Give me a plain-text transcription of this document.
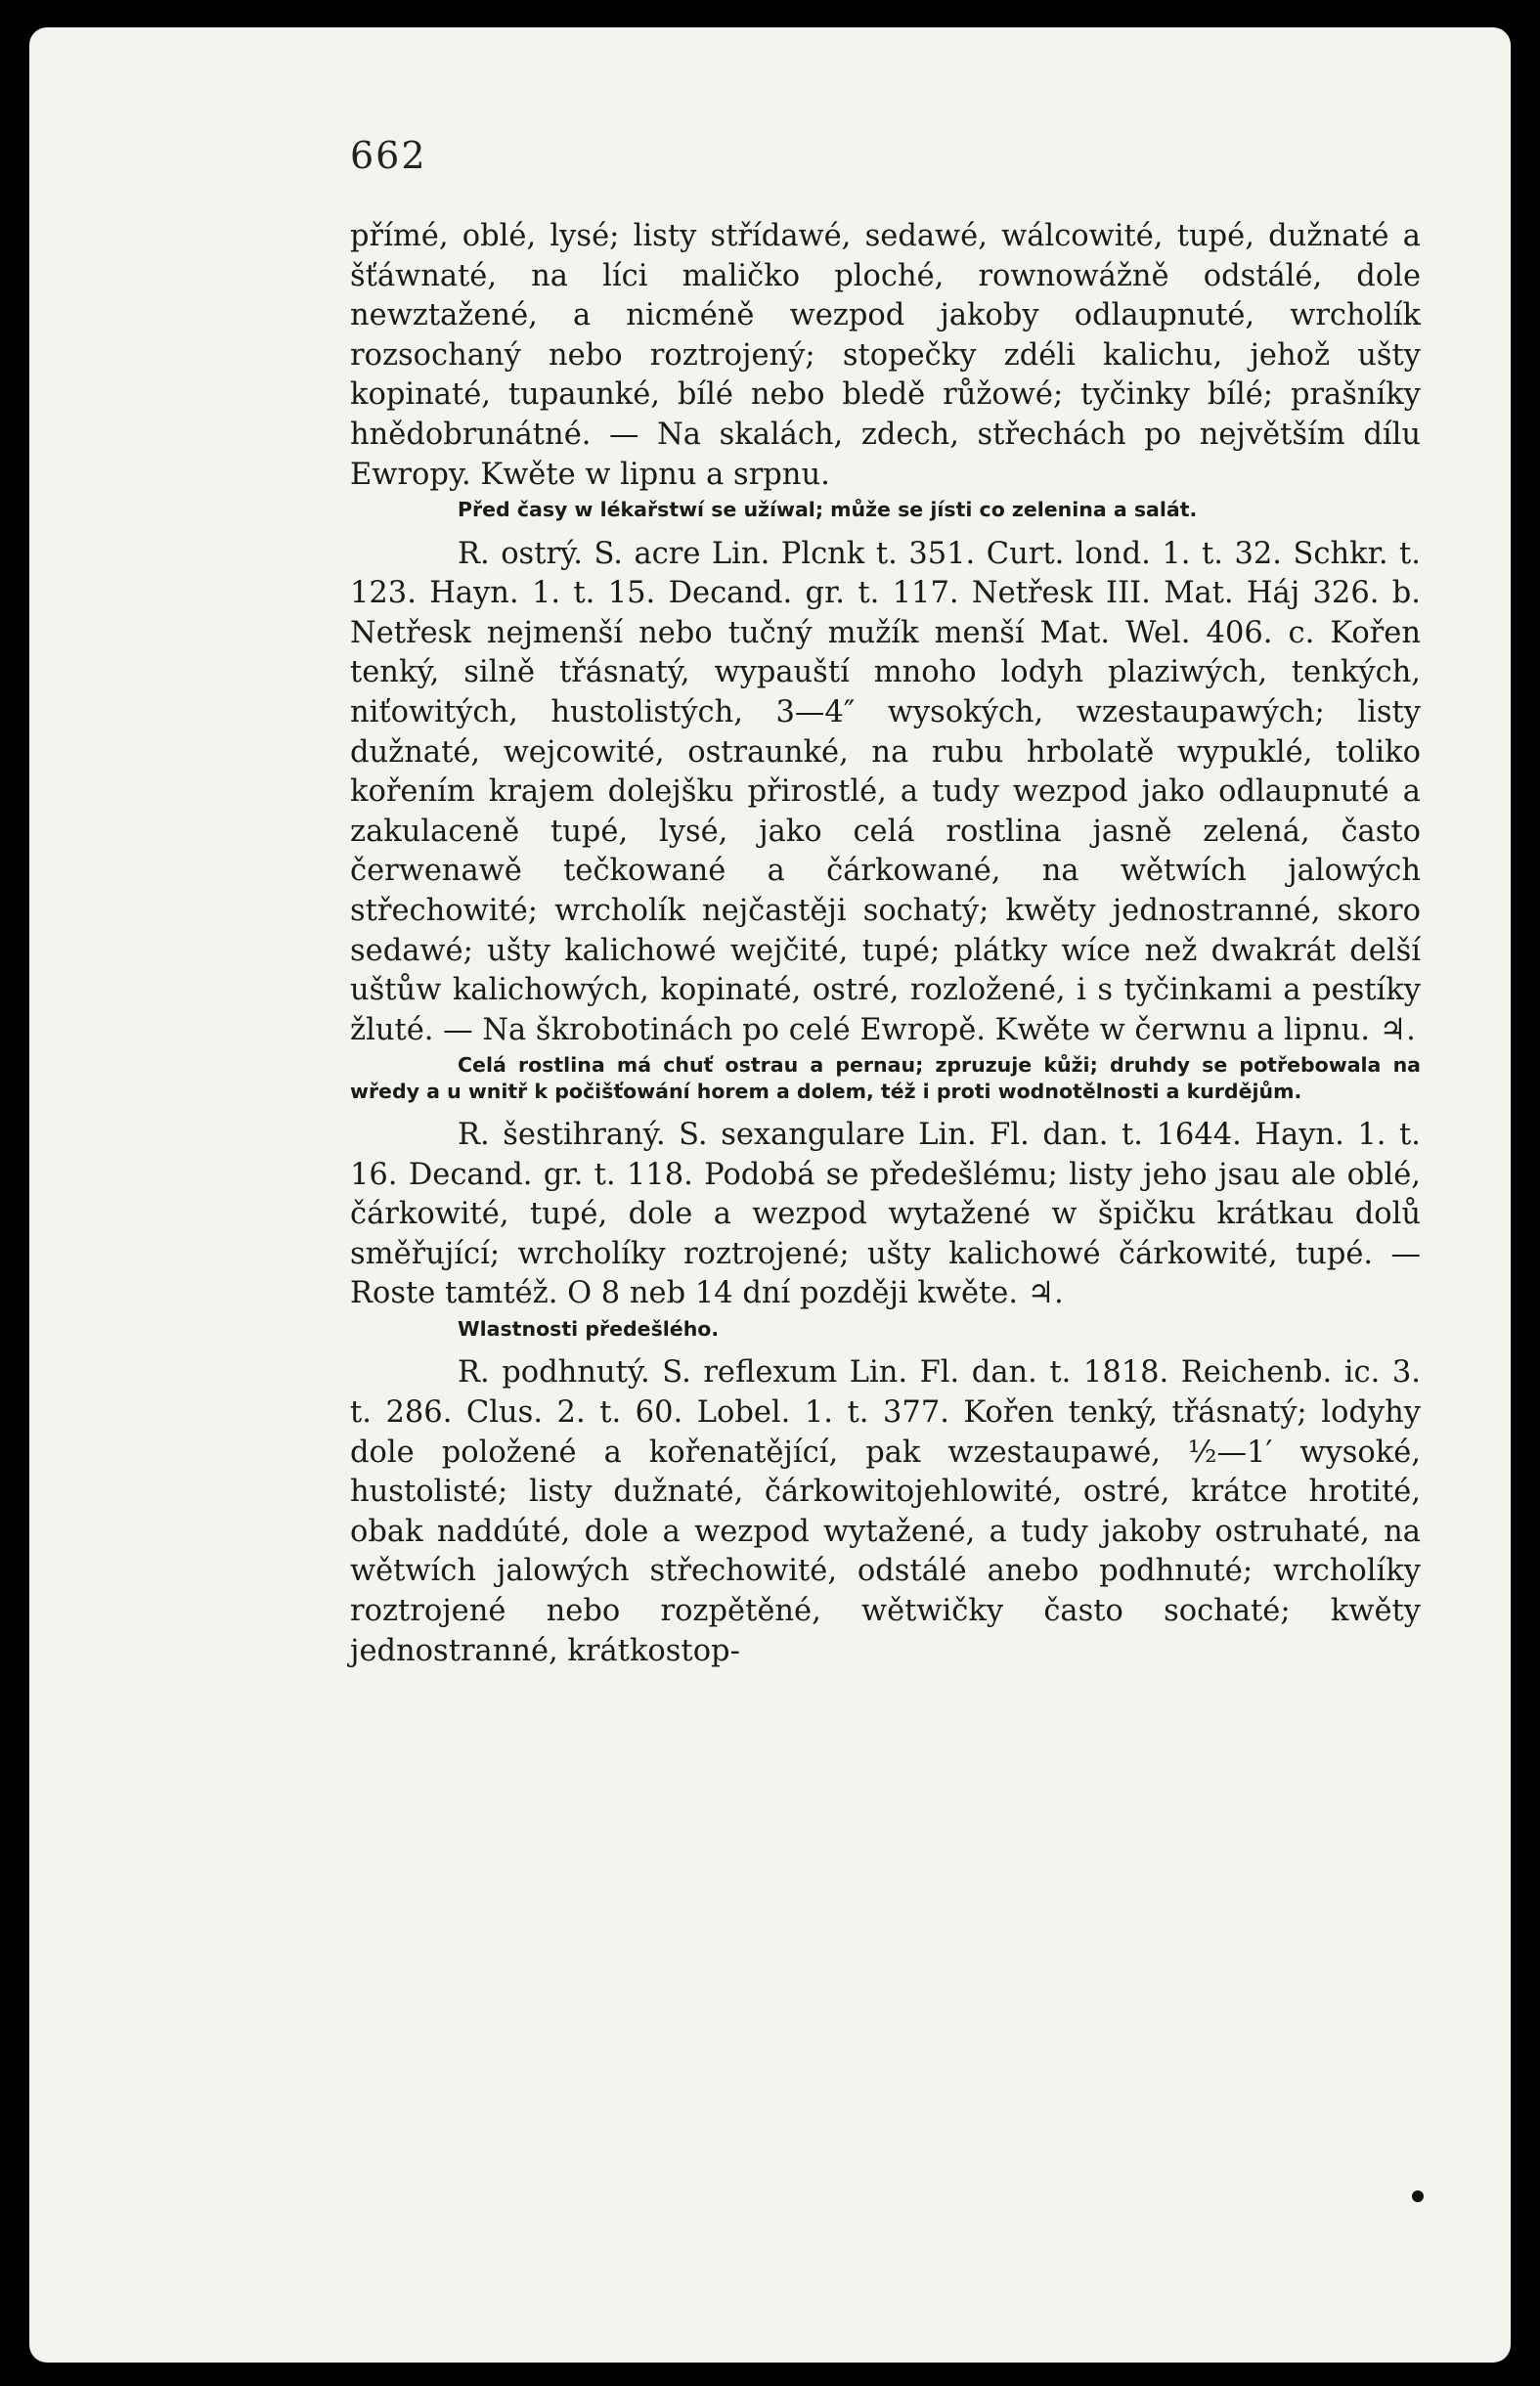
662

přímé, oblé, lysé; listy střídawé, sedawé, wálcowité, tupé, dužnaté a šťáwnaté, na líci maličko ploché, rownowážně odstálé, dole newztažené, a nicméně wezpod jakoby odlaupnuté, wrcholík rozsochaný nebo roztrojený; stopečky zdéli kalichu, jehož ušty kopinaté, tupaunké, bílé nebo bledě růžowé; tyčinky bílé; prašníky hnědobrunátné. — Na skalách, zdech, střechách po největším dílu Ewropy. Kwěte w lipnu a srpnu.

Před časy w lékařstwí se užíwal; může se jísti co zelenina a salát.

R. ostrý. S. acre Lin. Plcnk t. 351. Curt. lond. 1. t. 32. Schkr. t. 123. Hayn. 1. t. 15. Decand. gr. t. 117. Netřesk III. Mat. Háj 326. b. Netřesk nejmenší nebo tučný mužík menší Mat. Wel. 406. c. Kořen tenký, silně třásnatý, wypauští mnoho lodyh plaziwých, tenkých, niťowitých, hustolistých, 3—4″ wysokých, wzestaupawých; listy dužnaté, wejcowité, ostraunké, na rubu hrbolatě wypuklé, toliko kořením krajem dolejšku přirostlé, a tudy wezpod jako odlaupnuté a zakulaceně tupé, lysé, jako celá rostlina jasně zelená, často čerwenawě tečkowané a čárkowané, na wětwích jalowých střechowité; wrcholík nejčastěji sochatý; kwěty jednostranné, skoro sedawé; ušty kalichowé wejčité, tupé; plátky wíce než dwakrát delší uštůw kalichowých, kopinaté, ostré, rozložené, i s tyčinkami a pestíky žluté. — Na škrobotinách po celé Ewropě. Kwěte w čerwnu a lipnu. ♃.

Celá rostlina má chuť ostrau a pernau; zpruzuje kůži; druhdy se potřebowala na wředy a u wnitř k počišťowání horem a dolem, též i proti wodnotělnosti a kurdějům.

R. šestihraný. S. sexangulare Lin. Fl. dan. t. 1644. Hayn. 1. t. 16. Decand. gr. t. 118. Podobá se předešlému; listy jeho jsau ale oblé, čárkowité, tupé, dole a wezpod wytažené w špičku krátkau dolů směřující; wrcholíky roztrojené; ušty kalichowé čárkowité, tupé. — Roste tamtéž. O 8 neb 14 dní později kwěte. ♃.

Wlastnosti předešlého.

R. podhnutý. S. reflexum Lin. Fl. dan. t. 1818. Reichenb. ic. 3. t. 286. Clus. 2. t. 60. Lobel. 1. t. 377. Kořen tenký, třásnatý; lodyhy dole položené a kořenatějící, pak wzestaupawé, ½—1′ wysoké, hustolisté; listy dužnaté, čárkowitojehlowité, ostré, krátce hrotité, obak naddúté, dole a wezpod wytažené, a tudy jakoby ostruhaté, na wětwích jalowých střechowité, odstálé anebo podhnuté; wrcholíky roztrojené nebo rozpětěné, wětwičky často sochaté; kwěty jednostranné, krátkostop-
